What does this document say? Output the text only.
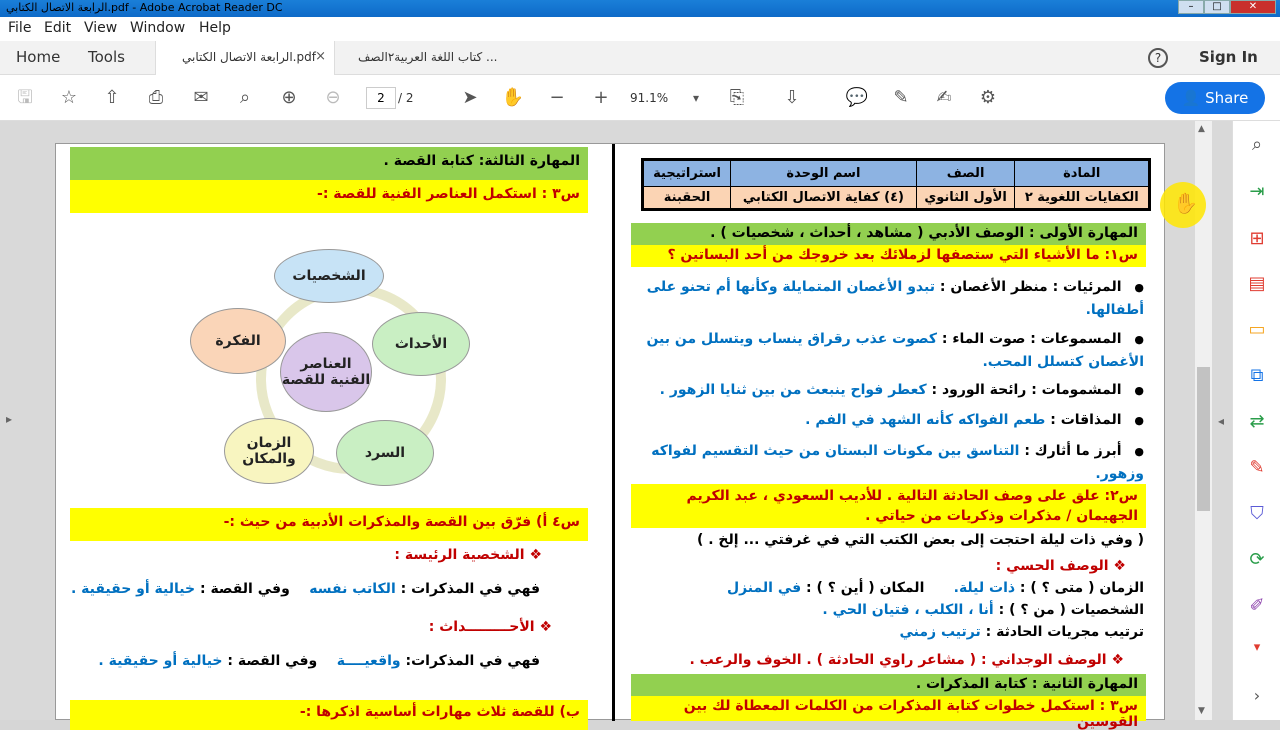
الرابعة الاتصال الكتابي.pdf - Adobe Acrobat Reader DC	–	□	✕
File Edit View Window Help
Home Tools	الرابعة الاتصال الكتابي.pdf ×	كتاب اللغة العربية٢الصف ...	?	Sign In
🖫 ☆ ⇧ ⎙ ✉	⌕	⊕ ⊖	2	/ 2	➤ ✋ − +	91.1%	▾	⎘ ⇩	💬 ✎ ✍ ⚙	👤 Share
▸
المادة	الصف	اسم الوحدة	استراتيجية
الكفايات اللغوية ٢	الأول الثانوي	(٤) كفاية الاتصال الكتابي	الحقبنة
المهارة الأولى : الوصف الأدبي ( مشاهد ، أحداث ، شخصيات ) .
س١: ما الأشياء التي ستصفها لزملائك بعد خروجك من أحد البساتين ؟
● المرئيات : منظر الأغصان : تبدو الأغصان المتمايلة وكأنها أم تحنو على أطفالها.
● المسموعات : صوت الماء : كصوت عذب رقراق ينساب ويتسلل من بين الأغصان كتسلل المحب.
● المشمومات : رائحة الورود : كعطر فواح ينبعث من بين ثنايا الزهور .
● المذاقات : طعم الفواكه كأنه الشهد في الفم .
● أبرز ما أثارك : التناسق بين مكونات البستان من حيث التقسيم لفواكه وزهور.
س٢: علق على وصف الحادثة التالية . للأديب السعودي ، عبد الكريم الجهيمان / مذكرات وذكريات من حياتي .
( وفي ذات ليلة احتجت إلى بعض الكتب التي في غرفتي ... إلخ . )
❖ الوصف الحسي :
الزمان ( متى ؟ ) : ذات ليلة.      المكان ( أين ؟ ) : في المنزل
الشخصيات ( من ؟ ) : أنا ، الكلب ، فتيان الحي .
ترتيب مجريات الحادثة : ترتيب زمني
❖ الوصف الوجداني : ( مشاعر راوي الحادثة ) . الخوف والرعب .
المهارة الثانية : كتابة المذكرات .
س٣ : استكمل خطوات كتابة المذكرات من الكلمات المعطاة لك بين القوسين
المهارة الثالثة: كتابة القصة .
س٣ : استكمل العناصر الفنية للقصة :-
العناصر الفنية للقصة
الشخصيات
الأحداث
السرد
الزمان والمكان
الفكرة
س٤ أ) فرّق بين القصة والمذكرات الأدبية من حيث :-
❖ الشخصية الرئيسة :
فهي في المذكرات : الكاتب نفسه    وفي القصة : خيالية أو حقيقية .
❖ الأحـــــــــداث :
فهي في المذكرات: واقعيــــة    وفي القصة : خيالية أو حقيقية .
ب) للقصة ثلاث مهارات أساسية اذكرها :-
▲
▼
◂
⌕
⇥
⊞
▤
▭
⧉
⇄
✎
⛉
⟳
✐
▾
›
✋
